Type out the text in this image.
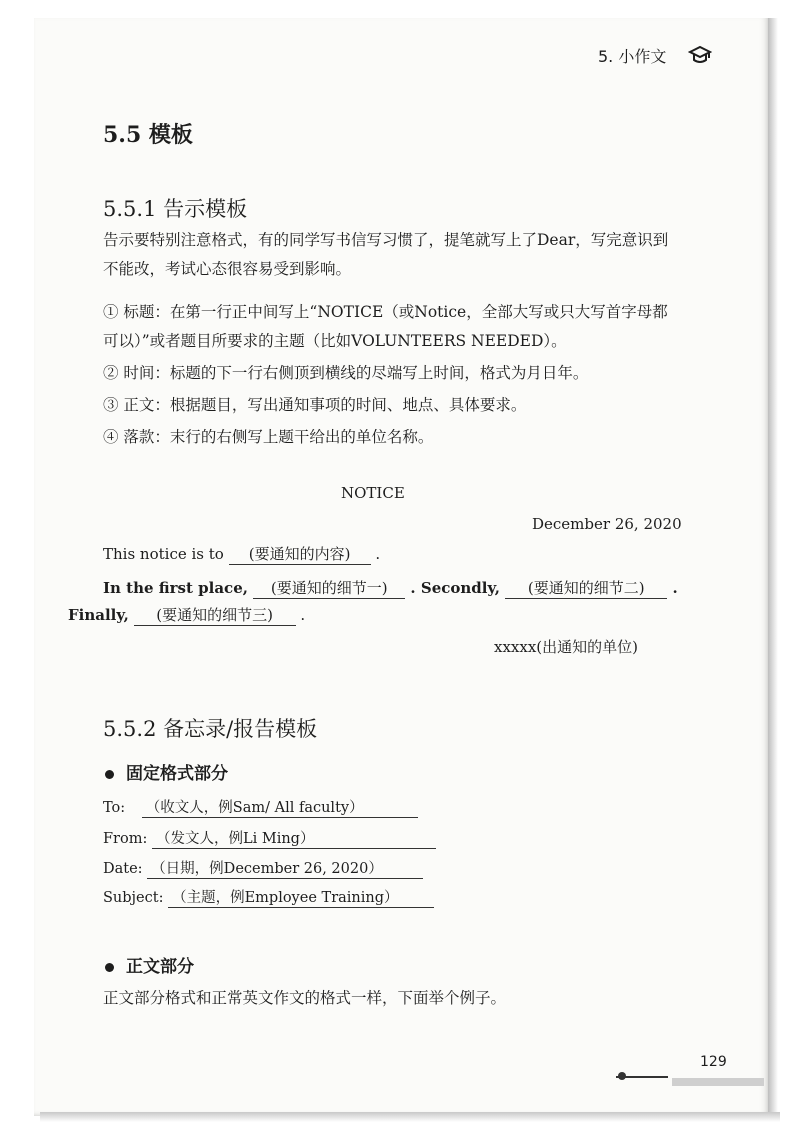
5. 小作文
5.5 模板
5.5.1 告示模板
告示要特别注意格式，有的同学写书信写习惯了，提笔就写上了Dear，写完意识到不能改，考试心态很容易受到影响。
① 标题：在第一行正中间写上“NOTICE（或Notice，全部大写或只大写首字母都可以）”或者题目所要求的主题（比如VOLUNTEERS NEEDED）。
② 时间：标题的下一行右侧顶到横线的尽端写上时间，格式为月日年。
③ 正文：根据题目，写出通知事项的时间、地点、具体要求。
④ 落款：末行的右侧写上题干给出的单位名称。
NOTICE
December 26, 2020
This notice is to (要通知的内容) .
In the first place, (要通知的细节一) . Secondly, (要通知的细节二) .
Finally, (要通知的细节三) .
xxxxx(出通知的单位)
5.5.2 备忘录/报告模板
固定格式部分
To: （收文人，例Sam/ All faculty）
From: （发文人，例Li Ming）
Date: （日期，例December 26, 2020）
Subject: （主题，例Employee Training）
正文部分
正文部分格式和正常英文作文的格式一样，下面举个例子。
129
